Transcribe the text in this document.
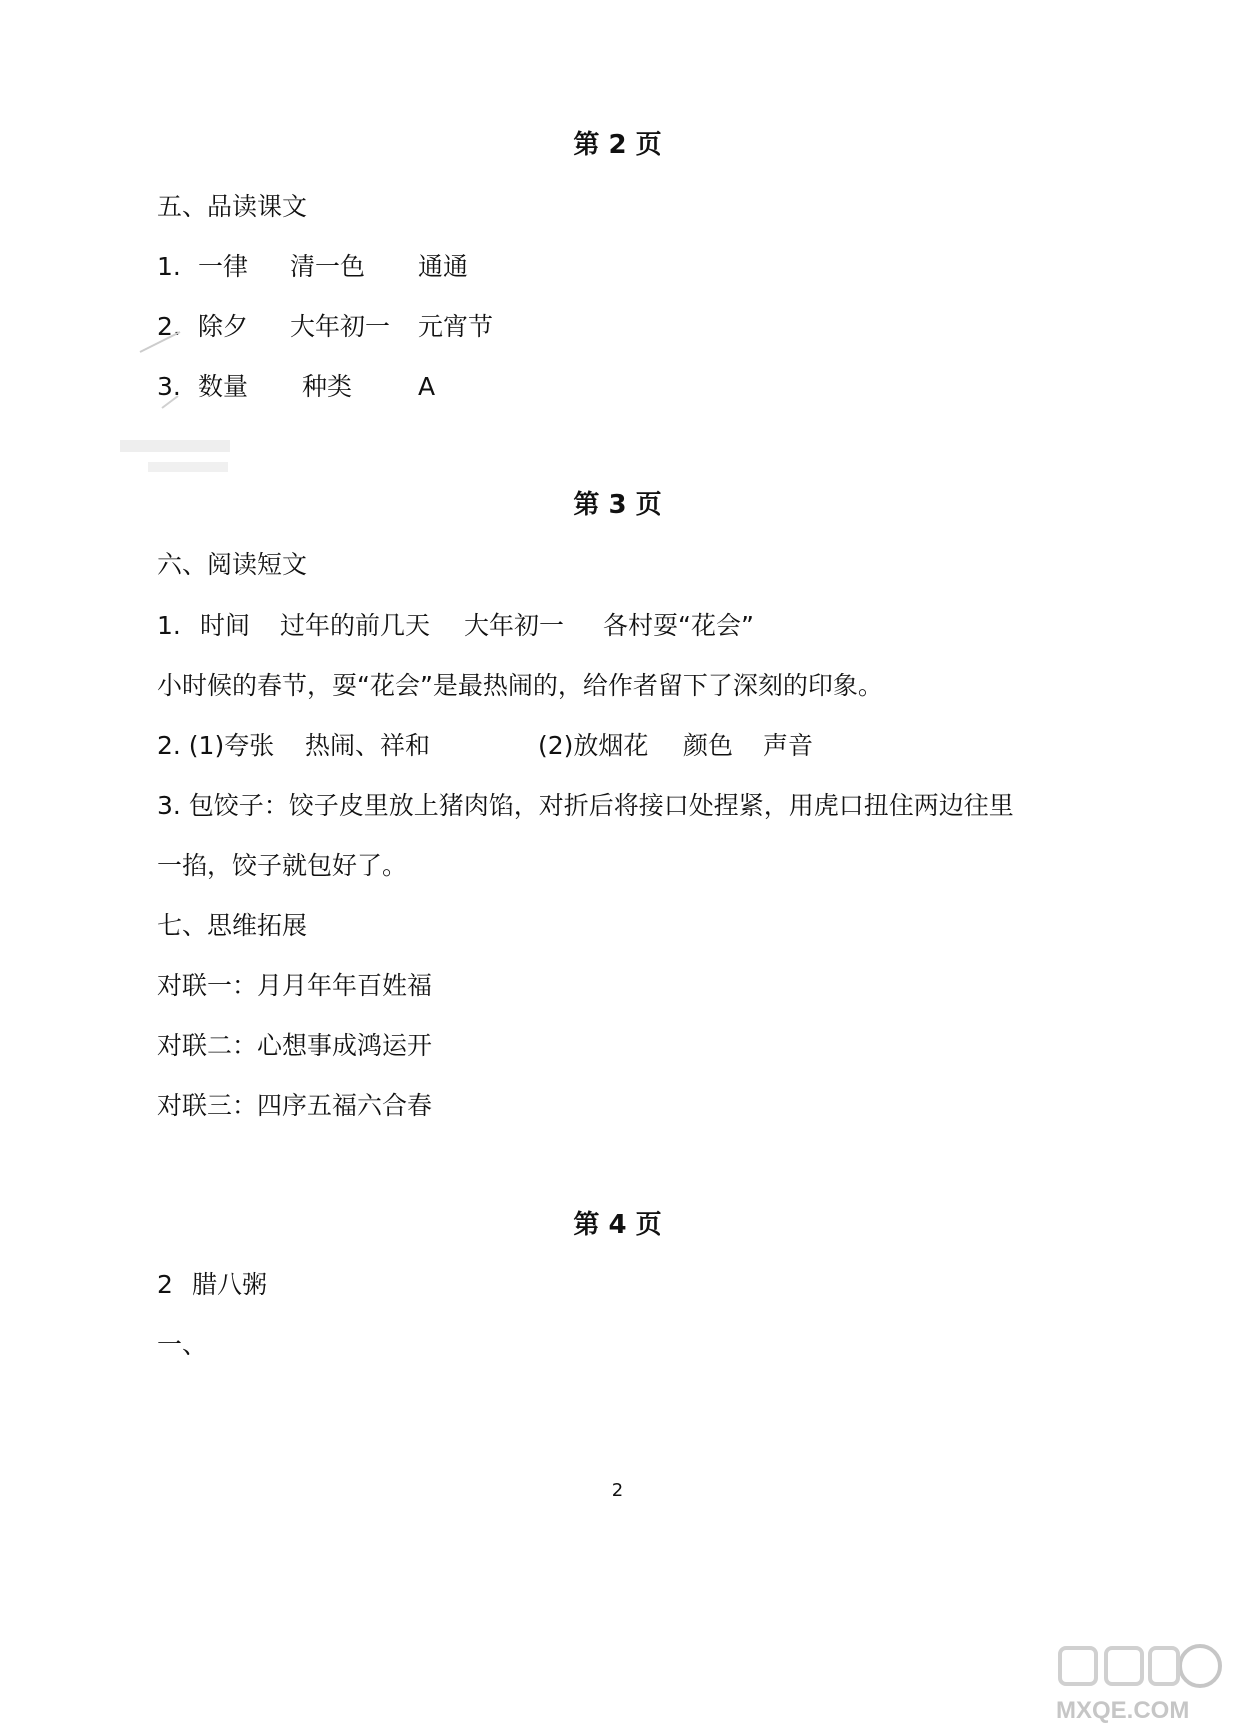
第 2 页
五、品读课文
1. 一律 清一色 通通
2. 除夕 大年初一 元宵节
3. 数量 种类	A
第 3 页
六、阅读短文
1. 时间 过年的前几天 大年初一 各村耍“花会”
小时候的春节，耍“花会”是最热闹的，给作者留下了深刻的印象。
2. (1)夸张 热闹、祥和	(2)放烟花 颜色 声音
3. 包饺子：饺子皮里放上猪肉馅，对折后将接口处捏紧，用虎口扭住两边往里
一掐，饺子就包好了。
七、思维拓展
对联一：月月年年百姓福
对联二：心想事成鸿运开
对联三：四序五福六合春
第 4 页
2 腊八粥
一、
2
MXQE.COM
